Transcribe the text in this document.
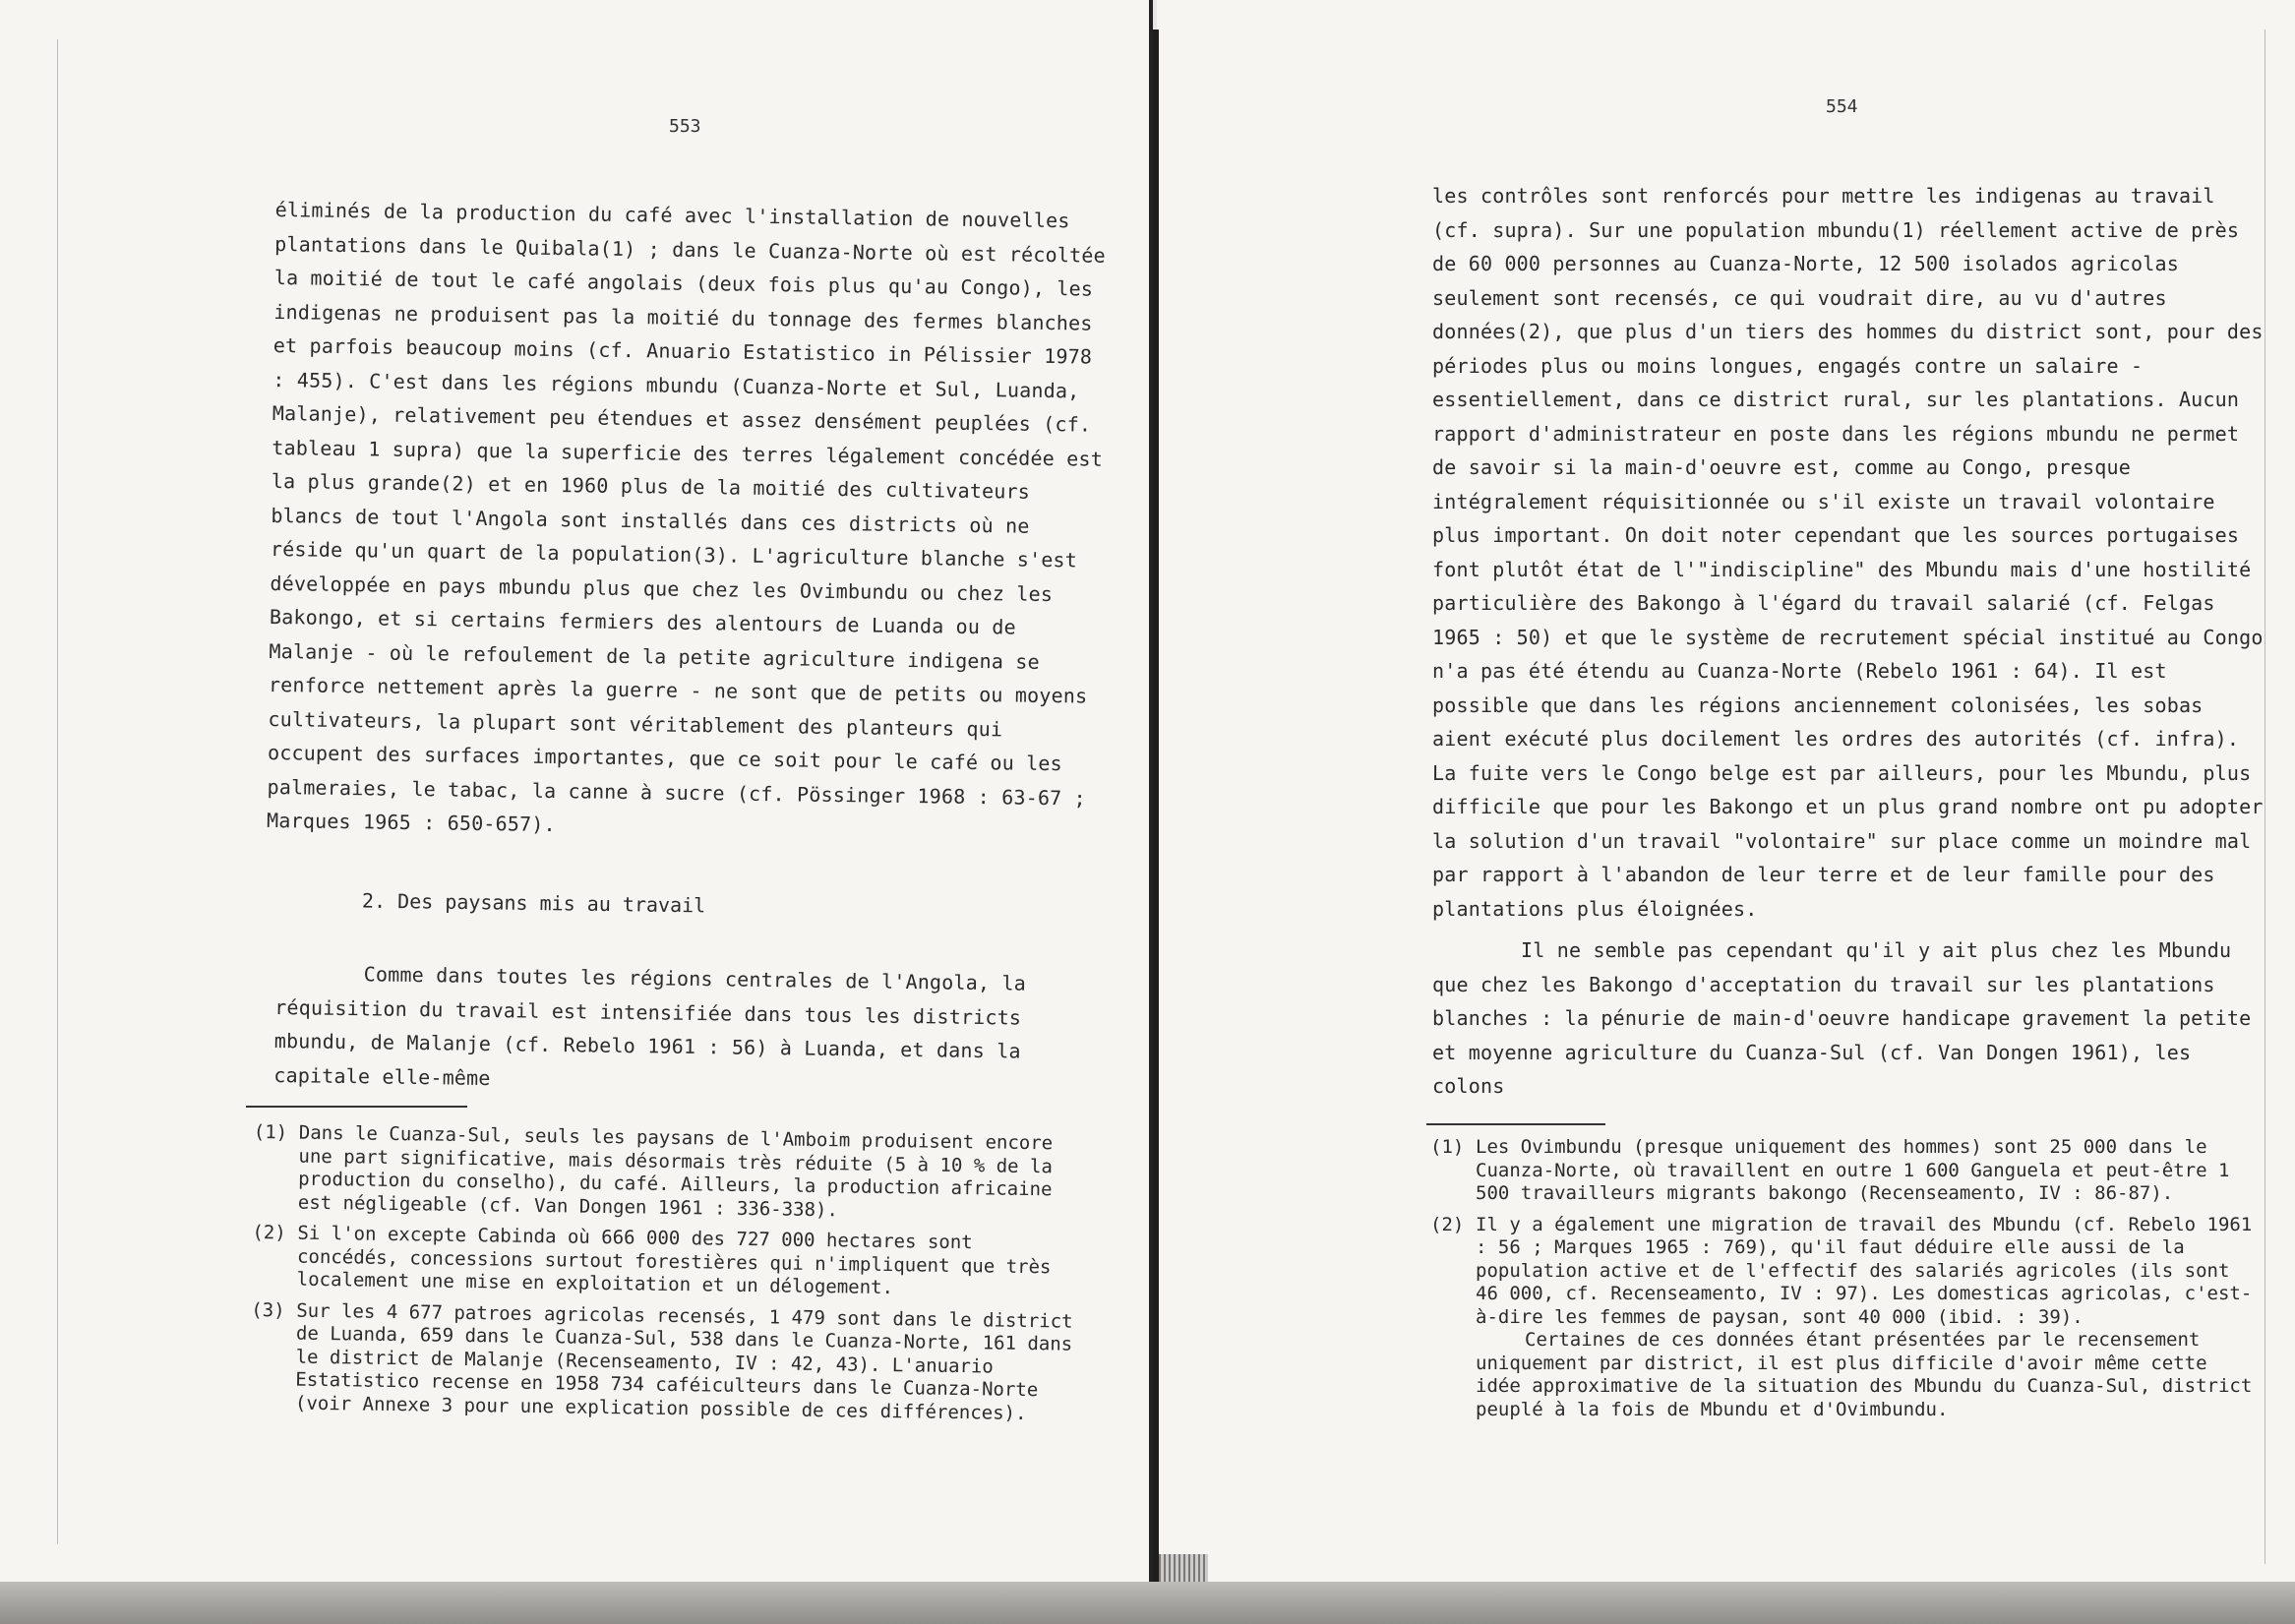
553

éliminés de la production du café avec l'installation de nouvelles plantations dans le Quibala(1) ; dans le Cuanza-Norte où est récoltée la moitié de tout le café angolais (deux fois plus qu'au Congo), les indigenas ne produisent pas la moitié du tonnage des fermes blanches et parfois beaucoup moins (cf. Anuario Estatistico in Pélissier 1978 : 455). C'est dans les régions mbundu (Cuanza-Norte et Sul, Luanda, Malanje), relativement peu étendues et assez densément peuplées (cf. tableau 1 supra) que la superficie des terres légalement concédée est la plus grande(2) et en 1960 plus de la moitié des cultivateurs blancs de tout l'Angola sont installés dans ces districts où ne réside qu'un quart de la population(3). L'agriculture blanche s'est développée en pays mbundu plus que chez les Ovimbundu ou chez les Bakongo, et si certains fermiers des alentours de Luanda ou de Malanje - où le refoulement de la petite agriculture indigena se renforce nettement après la guerre - ne sont que de petits ou moyens cultivateurs, la plupart sont véritablement des planteurs qui occupent des surfaces importantes, que ce soit pour le café ou les palmeraies, le tabac, la canne à sucre (cf. Pössinger 1968 : 63-67 ; Marques 1965 : 650-657).

2. Des paysans mis au travail

Comme dans toutes les régions centrales de l'Angola, la réquisition du travail est intensifiée dans tous les districts mbundu, de Malanje (cf. Rebelo 1961 : 56) à Luanda, et dans la capitale elle-même

(1) Dans le Cuanza-Sul, seuls les paysans de l'Amboim produisent encore une part significative, mais désormais très réduite (5 à 10 % de la production du conselho), du café. Ailleurs, la production africaine est négligeable (cf. Van Dongen 1961 : 336-338).
(2) Si l'on excepte Cabinda où 666 000 des 727 000 hectares sont concédés, concessions surtout forestières qui n'impliquent que très localement une mise en exploitation et un délogement.
(3) Sur les 4 677 patroes agricolas recensés, 1 479 sont dans le district de Luanda, 659 dans le Cuanza-Sul, 538 dans le Cuanza-Norte, 161 dans le district de Malanje (Recenseamento, IV : 42, 43). L'anuario Estatistico recense en 1958 734 caféiculteurs dans le Cuanza-Norte (voir Annexe 3 pour une explication possible de ces différences).
554

les contrôles sont renforcés pour mettre les indigenas au travail (cf. supra). Sur une population mbundu(1) réellement active de près de 60 000 personnes au Cuanza-Norte, 12 500 isolados agricolas seulement sont recensés, ce qui voudrait dire, au vu d'autres données(2), que plus d'un tiers des hommes du district sont, pour des périodes plus ou moins longues, engagés contre un salaire - essentiellement, dans ce district rural, sur les plantations. Aucun rapport d'administrateur en poste dans les régions mbundu ne permet de savoir si la main-d'oeuvre est, comme au Congo, presque intégralement réquisitionnée ou s'il existe un travail volontaire plus important. On doit noter cependant que les sources portugaises font plutôt état de l'"indiscipline" des Mbundu mais d'une hostilité particulière des Bakongo à l'égard du travail salarié (cf. Felgas 1965 : 50) et que le système de recrutement spécial institué au Congo n'a pas été étendu au Cuanza-Norte (Rebelo 1961 : 64). Il est possible que dans les régions anciennement colonisées, les sobas aient exécuté plus docilement les ordres des autorités (cf. infra). La fuite vers le Congo belge est par ailleurs, pour les Mbundu, plus difficile que pour les Bakongo et un plus grand nombre ont pu adopter la solution d'un travail "volontaire" sur place comme un moindre mal par rapport à l'abandon de leur terre et de leur famille pour des plantations plus éloignées.

Il ne semble pas cependant qu'il y ait plus chez les Mbundu que chez les Bakongo d'acceptation du travail sur les plantations blanches : la pénurie de main-d'oeuvre handicape gravement la petite et moyenne agriculture du Cuanza-Sul (cf. Van Dongen 1961), les colons

(1) Les Ovimbundu (presque uniquement des hommes) sont 25 000 dans le Cuanza-Norte, où travaillent en outre 1 600 Ganguela et peut-être 1 500 travailleurs migrants bakongo (Recenseamento, IV : 86-87).
(2) Il y a également une migration de travail des Mbundu (cf. Rebelo 1961 : 56 ; Marques 1965 : 769), qu'il faut déduire elle aussi de la population active et de l'effectif des salariés agricoles (ils sont 46 000, cf. Recenseamento, IV : 97). Les domesticas agricolas, c'est-à-dire les femmes de paysan, sont 40 000 (ibid. : 39).
Certaines de ces données étant présentées par le recensement uniquement par district, il est plus difficile d'avoir même cette idée approximative de la situation des Mbundu du Cuanza-Sul, district peuplé à la fois de Mbundu et d'Ovimbundu.
